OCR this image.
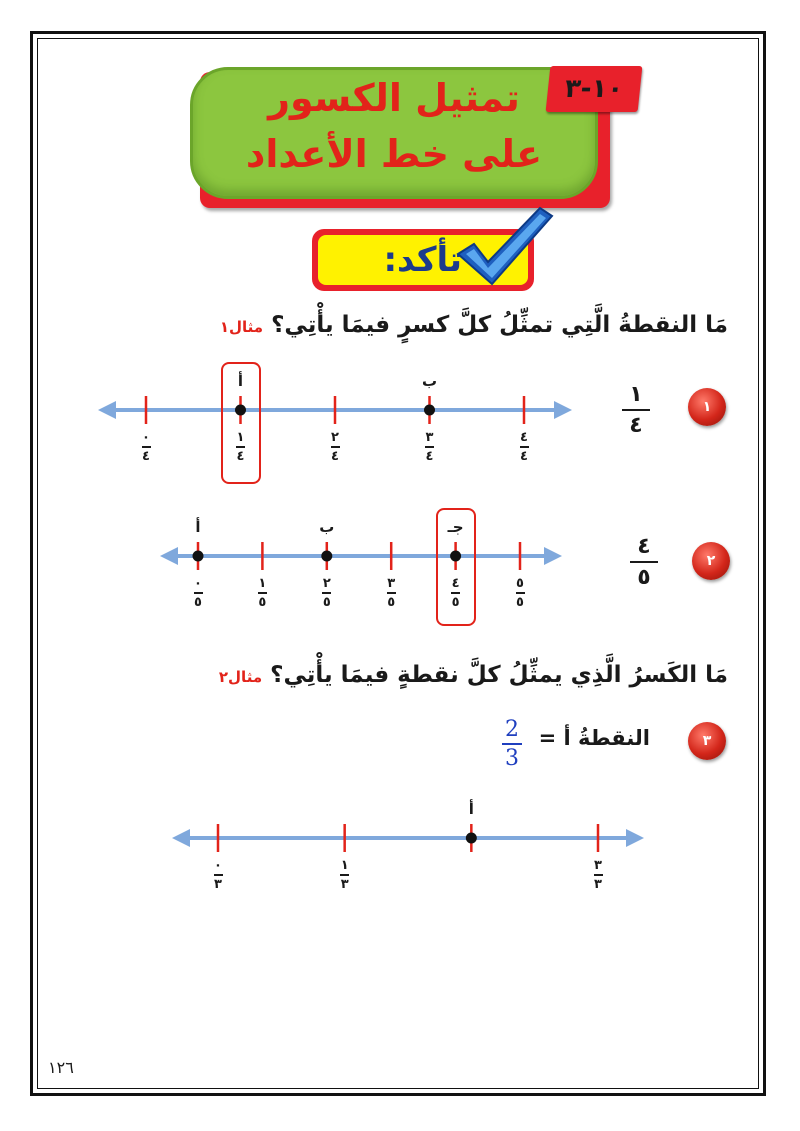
تمثيل الكسور
على خط الأعداد
١٠-٣
تأكد:
مَا النقطةُ الَّتِي تمثِّلُ كلَّ كسرٍ فيمَا يأْتِي؟ مثال١
١
١
٤
٠
٤
١
٤
٢
٤
٣
٤
٤
٤
أ	ب
٢
٤
٥
٠
٥
١
٥
٢
٥
٣
٥
٤
٥
٥
٥
أ	ب	جـ
مَا الكَسرُ الَّذِي يمثِّلُ كلَّ نقطةٍ فيمَا يأْتِي؟ مثال٢
٣
النقطةُ أ =
2
3
٠
٣
١
٣
٣
٣
أ
١٢٦
